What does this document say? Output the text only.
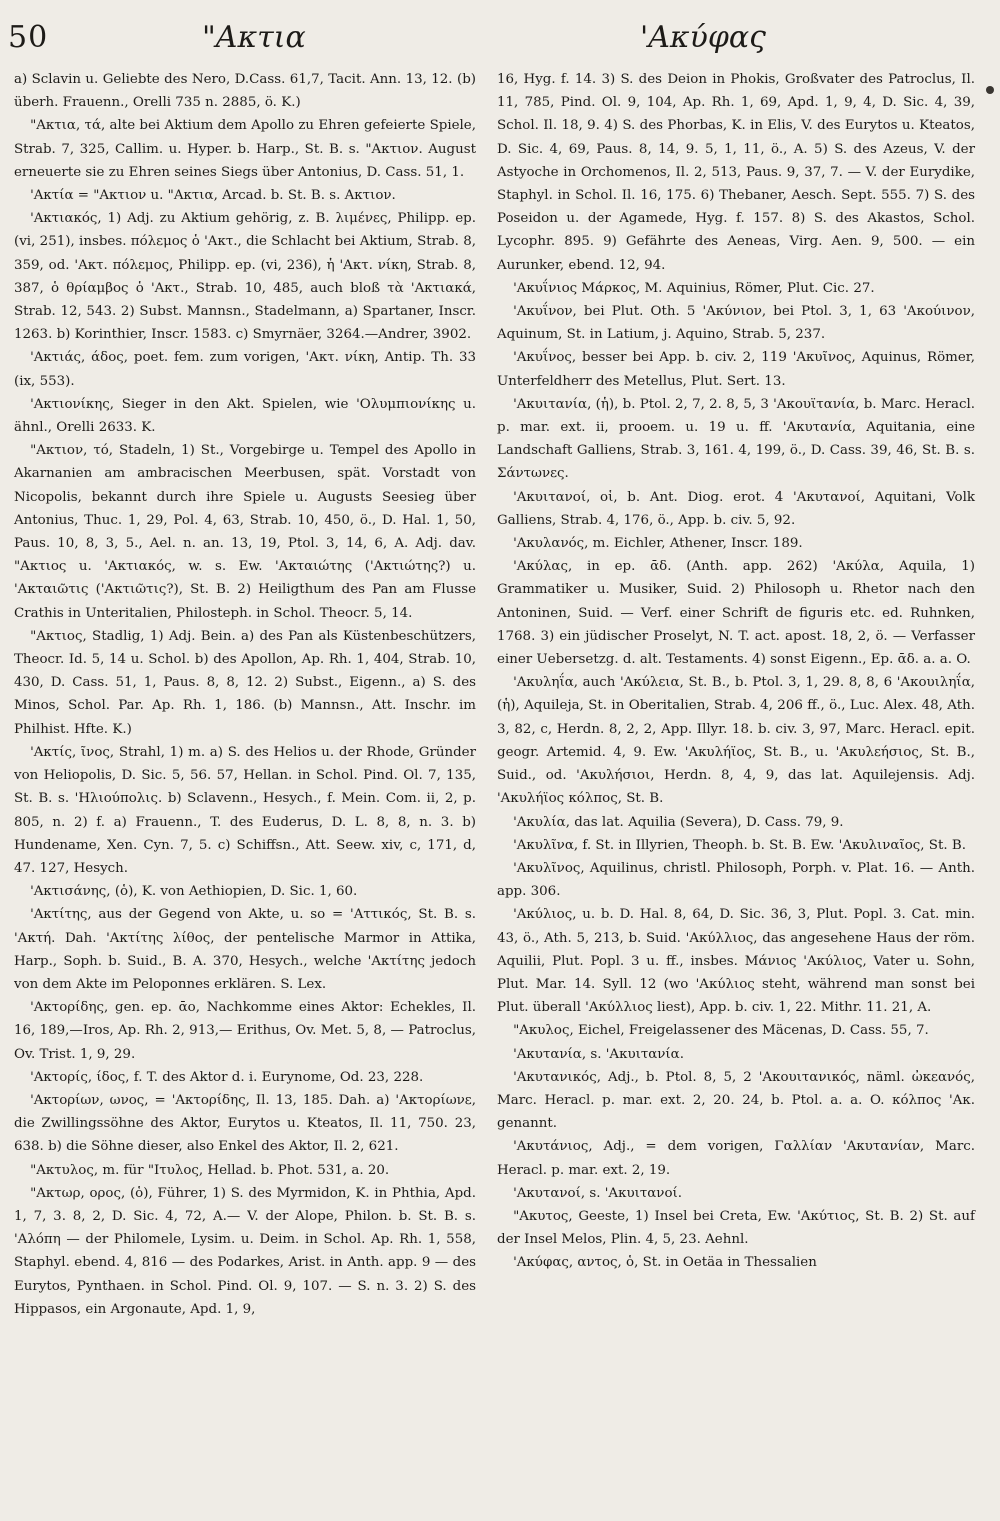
50	"Ακτια	'Ακύφας

a) Sclavin u. Geliebte des Nero, D.Cass. 61,7, Tacit. Ann. 13, 12. (b) überh. Frauenn., Orelli 735 n. 2885, ö. K.)

"Ακτια, τά, alte bei Aktium dem Apollo zu Ehren gefeierte Spiele, Strab. 7, 325, Callim. u. Hyper. b. Harp., St. B. s. "Ακτιον. August erneuerte sie zu Ehren seines Siegs über Antonius, D. Cass. 51, 1.

'Ακτία = "Ακτιον u. "Ακτια, Arcad. b. St. B. s. Ακτιον.

'Ακτιακός, 1) Adj. zu Aktium gehörig, z. B. λιμένες, Philipp. ep. (vi, 251), insbes. πόλεμος ὁ 'Ακτ., die Schlacht bei Aktium, Strab. 8, 359, od. 'Ακτ. πόλεμος, Philipp. ep. (vi, 236), ἡ 'Ακτ. νίκη, Strab. 8, 387, ὁ θρίαμβος ὁ 'Ακτ., Strab. 10, 485, auch bloß τὰ 'Ακτιακά, Strab. 12, 543. 2) Subst. Mannsn., Stadelmann, a) Spartaner, Inscr. 1263. b) Korinthier, Inscr. 1583. c) Smyrnäer, 3264.—Andrer, 3902.

'Ακτιάς, άδος, poet. fem. zum vorigen, 'Ακτ. νίκη, Antip. Th. 33 (ix, 553).

'Ακτιονίκης, Sieger in den Akt. Spielen, wie 'Ολυμπιονίκης u. ähnl., Orelli 2633. K.

"Ακτιον, τό, Stadeln, 1) St., Vorgebirge u. Tempel des Apollo in Akarnanien am ambracischen Meerbusen, spät. Vorstadt von Nicopolis, bekannt durch ihre Spiele u. Augusts Seesieg über Antonius, Thuc. 1, 29, Pol. 4, 63, Strab. 10, 450, ö., D. Hal. 1, 50, Paus. 10, 8, 3, 5., Ael. n. an. 13, 19, Ptol. 3, 14, 6, A. Adj. dav. "Ακτιος u. 'Ακτιακός, w. s. Ew. 'Ακταιώτης ('Ακτιώτης?) u. 'Ακταιῶτις ('Ακτιῶτις?), St. B. 2) Heiligthum des Pan am Flusse Crathis in Unteritalien, Philosteph. in Schol. Theocr. 5, 14.

"Ακτιος, Stadlig, 1) Adj. Bein. a) des Pan als Küstenbeschützers, Theocr. Id. 5, 14 u. Schol. b) des Apollon, Ap. Rh. 1, 404, Strab. 10, 430, D. Cass. 51, 1, Paus. 8, 8, 12. 2) Subst., Eigenn., a) S. des Minos, Schol. Par. Ap. Rh. 1, 186. (b) Mannsn., Att. Inschr. im Philhist. Hfte. K.)

'Ακτίς, ῖνος, Strahl, 1) m. a) S. des Helios u. der Rhode, Gründer von Heliopolis, D. Sic. 5, 56. 57, Hellan. in Schol. Pind. Ol. 7, 135, St. B. s. 'Ηλιούπολις. b) Sclavenn., Hesych., f. Mein. Com. ii, 2, p. 805, n. 2) f. a) Frauenn., T. des Euderus, D. L. 8, 8, n. 3. b) Hundename, Xen. Cyn. 7, 5. c) Schiffsn., Att. Seew. xiv, c, 171, d, 47. 127, Hesych.

'Ακτισάνης, (ὁ), K. von Aethiopien, D. Sic. 1, 60.

'Ακτίτης, aus der Gegend von Akte, u. so = 'Αττικός, St. B. s. 'Ακτή. Dah. 'Ακτίτης λίθος, der pentelische Marmor in Attika, Harp., Soph. b. Suid., B. A. 370, Hesych., welche 'Ακτίτης jedoch von dem Akte im Peloponnes erklären. S. Lex.

'Ακτορίδης, gen. ep. ᾱο, Nachkomme eines Aktor: Echekles, Il. 16, 189,—Iros, Ap. Rh. 2, 913,— Erithus, Ov. Met. 5, 8, — Patroclus, Ov. Trist. 1, 9, 29.

'Ακτορίς, ίδος, f. T. des Aktor d. i. Eurynome, Od. 23, 228.

'Ακτορίων, ωνος, = 'Ακτορίδης, Il. 13, 185. Dah. a) 'Ακτορίωνε, die Zwillingssöhne des Aktor, Eurytos u. Kteatos, Il. 11, 750. 23, 638. b) die Söhne dieser, also Enkel des Aktor, Il. 2, 621.

"Ακτυλος, m. für "Ιτυλος, Hellad. b. Phot. 531, a. 20.

"Ακτωρ, ορος, (ὁ), Führer, 1) S. des Myrmidon, K. in Phthia, Apd. 1, 7, 3. 8, 2, D. Sic. 4, 72, A.— V. der Alope, Philon. b. St. B. s. 'Αλόπη — der Philomele, Lysim. u. Deim. in Schol. Ap. Rh. 1, 558, Staphyl. ebend. 4, 816 — des Podarkes, Arist. in Anth. app. 9 — des Eurytos, Pynthaen. in Schol. Pind. Ol. 9, 107. — S. n. 3. 2) S. des Hippasos, ein Argonaute, Apd. 1, 9,

16, Hyg. f. 14. 3) S. des Deion in Phokis, Großvater des Patroclus, Il. 11, 785, Pind. Ol. 9, 104, Ap. Rh. 1, 69, Apd. 1, 9, 4, D. Sic. 4, 39, Schol. Il. 18, 9. 4) S. des Phorbas, K. in Elis, V. des Eurytos u. Kteatos, D. Sic. 4, 69, Paus. 8, 14, 9. 5, 1, 11, ö., A. 5) S. des Azeus, V. der Astyoche in Orchomenos, Il. 2, 513, Paus. 9, 37, 7. — V. der Eurydike, Staphyl. in Schol. Il. 16, 175. 6) Thebaner, Aesch. Sept. 555. 7) S. des Poseidon u. der Agamede, Hyg. f. 157. 8) S. des Akastos, Schol. Lycophr. 895. 9) Gefährte des Aeneas, Virg. Aen. 9, 500. — ein Aurunker, ebend. 12, 94.

'Ακυΐνιος Μάρκος, M. Aquinius, Römer, Plut. Cic. 27.

'Ακυΐνον, bei Plut. Oth. 5 'Ακύνιον, bei Ptol. 3, 1, 63 'Ακούινον, Aquinum, St. in Latium, j. Aquino, Strab. 5, 237.

'Ακυΐνος, besser bei App. b. civ. 2, 119 'Ακυῖνος, Aquinus, Römer, Unterfeldherr des Metellus, Plut. Sert. 13.

'Ακυιτανία, (ἡ), b. Ptol. 2, 7, 2. 8, 5, 3 'Ακουϊτανία, b. Marc. Heracl. p. mar. ext. ii, prooem. u. 19 u. ff. 'Ακυτανία, Aquitania, eine Landschaft Galliens, Strab. 3, 161. 4, 199, ö., D. Cass. 39, 46, St. B. s. Σάντωνες.

'Ακυιτανοί, οἱ, b. Ant. Diog. erot. 4 'Ακυτανοί, Aquitani, Volk Galliens, Strab. 4, 176, ö., App. b. civ. 5, 92.

'Ακυλανός, m. Eichler, Athener, Inscr. 189.

'Ακύλας, in ep. ᾱδ. (Anth. app. 262) 'Ακύλα, Aquila, 1) Grammatiker u. Musiker, Suid. 2) Philosoph u. Rhetor nach den Antoninen, Suid. — Verf. einer Schrift de figuris etc. ed. Ruhnken, 1768. 3) ein jüdischer Proselyt, N. T. act. apost. 18, 2, ö. — Verfasser einer Uebersetzg. d. alt. Testaments. 4) sonst Eigenn., Ep. ᾱδ. a. a. O.

'Ακυληΐα, auch 'Ακύλεια, St. B., b. Ptol. 3, 1, 29. 8, 8, 6 'Ακουιληΐα, (ἡ), Aquileja, St. in Oberitalien, Strab. 4, 206 ff., ö., Luc. Alex. 48, Ath. 3, 82, c, Herdn. 8, 2, 2, App. Illyr. 18. b. civ. 3, 97, Marc. Heracl. epit. geogr. Artemid. 4, 9. Ew. 'Ακυλήϊος, St. B., u. 'Ακυλεήσιος, St. B., Suid., od. 'Ακυλήσιοι, Herdn. 8, 4, 9, das lat. Aquilejensis. Adj. 'Ακυλήϊος κόλπος, St. B.

'Ακυλία, das lat. Aquilia (Severa), D. Cass. 79, 9.

'Ακυλῖνα, f. St. in Illyrien, Theoph. b. St. B. Ew. 'Ακυλιναῖος, St. B.

'Ακυλῖνος, Aquilinus, christl. Philosoph, Porph. v. Plat. 16. — Anth. app. 306.

'Ακύλιος, u. b. D. Hal. 8, 64, D. Sic. 36, 3, Plut. Popl. 3. Cat. min. 43, ö., Ath. 5, 213, b. Suid. 'Ακύλλιος, das angesehene Haus der röm. Aquilii, Plut. Popl. 3 u. ff., insbes. Μάνιος 'Ακύλιος, Vater u. Sohn, Plut. Mar. 14. Syll. 12 (wo 'Ακύλιος steht, während man sonst bei Plut. überall 'Ακύλλιος liest), App. b. civ. 1, 22. Mithr. 11. 21, A.

"Ακυλος, Eichel, Freigelassener des Mäcenas, D. Cass. 55, 7.

'Ακυτανία, s. 'Ακυιτανία.

'Ακυτανικός, Adj., b. Ptol. 8, 5, 2 'Ακουιτανικός, näml. ὠκεανός, Marc. Heracl. p. mar. ext. 2, 20. 24, b. Ptol. a. a. O. κόλπος 'Ακ. genannt.

'Ακυτάνιος, Adj., = dem vorigen, Γαλλίαν 'Ακυτανίαν, Marc. Heracl. p. mar. ext. 2, 19.

'Ακυτανοί, s. 'Ακυιτανοί.

"Ακυτος, Geeste, 1) Insel bei Creta, Ew. 'Ακύτιος, St. B. 2) St. auf der Insel Melos, Plin. 4, 5, 23. Aehnl.

'Ακύφας, αντος, ὁ, St. in Oetäa in Thessalien
